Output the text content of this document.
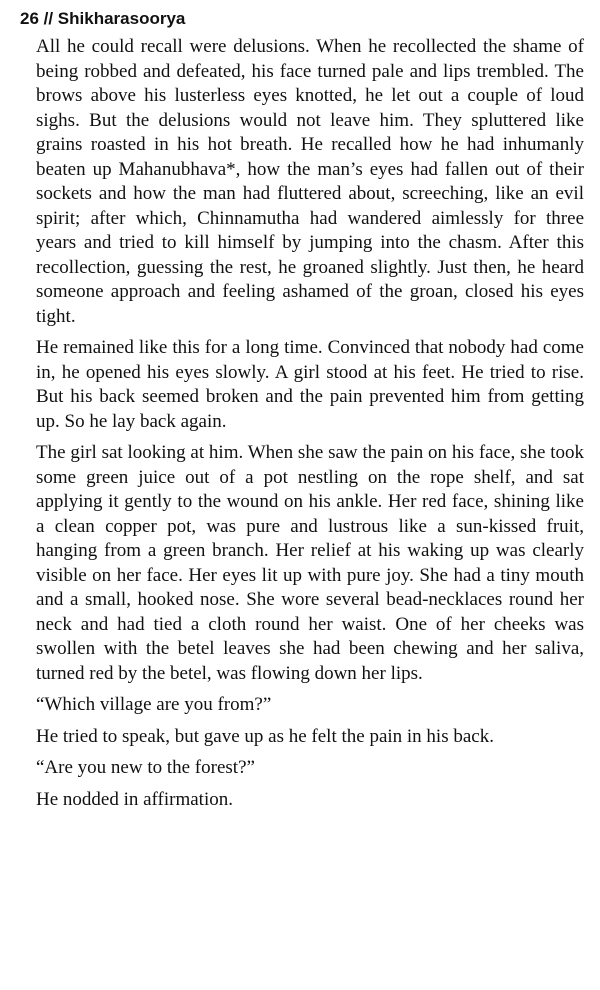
26 // Shikharasoorya

All he could recall were delusions. When he recollected the shame of being robbed and defeated, his face turned pale and lips trembled. The brows above his lusterless eyes knotted, he let out a couple of loud sighs. But the delusions would not leave him. They spluttered like grains roasted in his hot breath. He recalled how he had inhumanly beaten up Mahanubhava*, how the man’s eyes had fallen out of their sockets and how the man had fluttered about, screeching, like an evil spirit; after which, Chinnamutha had wandered aimlessly for three years and tried to kill himself by jumping into the chasm. After this recollection, guessing the rest, he groaned slightly. Just then, he heard someone approach and feeling ashamed of the groan, closed his eyes tight.

He remained like this for a long time. Convinced that nobody had come in, he opened his eyes slowly. A girl stood at his feet. He tried to rise. But his back seemed broken and the pain prevented him from getting up. So he lay back again.

The girl sat looking at him. When she saw the pain on his face, she took some green juice out of a pot nestling on the rope shelf, and sat applying it gently to the wound on his ankle. Her red face, shining like a clean copper pot, was pure and lustrous like a sun-kissed fruit, hanging from a green branch. Her relief at his waking up was clearly visible on her face. Her eyes lit up with pure joy. She had a tiny mouth and a small, hooked nose. She wore several bead-necklaces round her neck and had tied a cloth round her waist. One of her cheeks was swollen with the betel leaves she had been chewing and her saliva, turned red by the betel, was flowing down her lips.

“Which village are you from?”

He tried to speak, but gave up as he felt the pain in his back.

“Are you new to the forest?”

He nodded in affirmation.
